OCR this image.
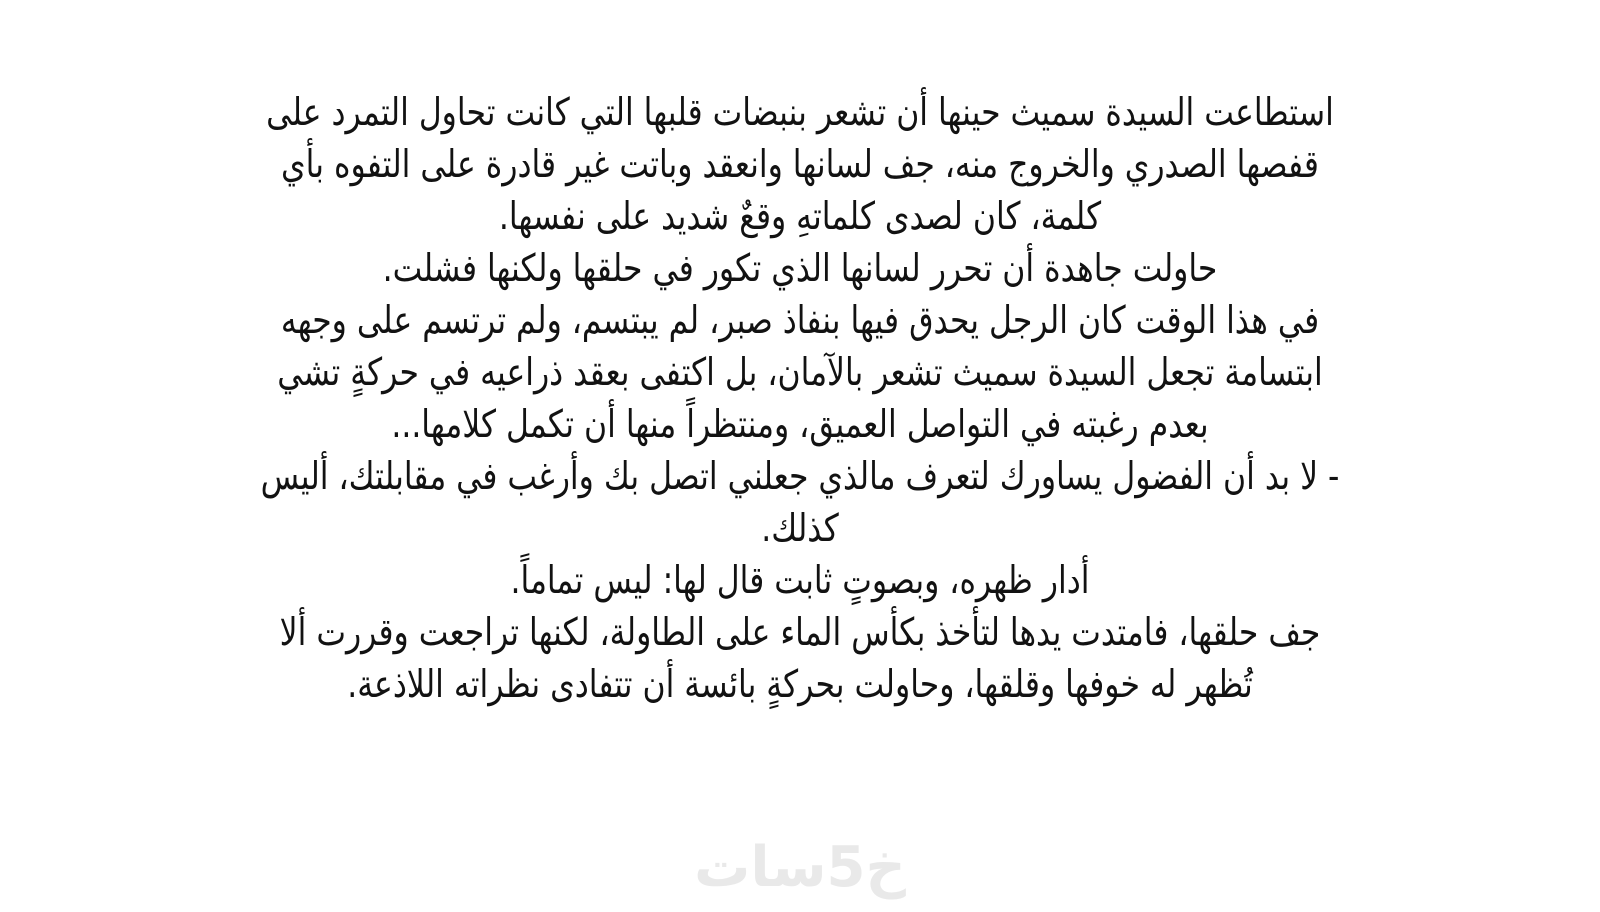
استطاعت السيدة سميث حينها أن تشعر بنبضات قلبها التي كانت تحاول التمرد على
قفصها الصدري والخروج منه، جف لسانها وانعقد وباتت غير قادرة على التفوه بأي
كلمة، كان لصدى كلماتهِ وقعٌ شديد على نفسها.
حاولت جاهدة أن تحرر لسانها الذي تكور في حلقها ولكنها فشلت.
في هذا الوقت كان الرجل يحدق فيها بنفاذ صبر، لم يبتسم، ولم ترتسم على وجهه
ابتسامة تجعل السيدة سميث تشعر بالآمان، بل اكتفى بعقد ذراعيه في حركةٍ تشي
بعدم رغبته في التواصل العميق، ومنتظراً منها أن تكمل كلامها...
- لا بد أن الفضول يساورك لتعرف مالذي جعلني اتصل بك وأرغب في مقابلتك، أليس
كذلك.
أدار ظهره، وبصوتٍ ثابت قال لها: ليس تماماً.
جف حلقها، فامتدت يدها لتأخذ بكأس الماء على الطاولة، لكنها تراجعت وقررت ألا
تُظهر له خوفها وقلقها، وحاولت بحركةٍ بائسة أن تتفادى نظراته اللاذعة.
خ5سات
